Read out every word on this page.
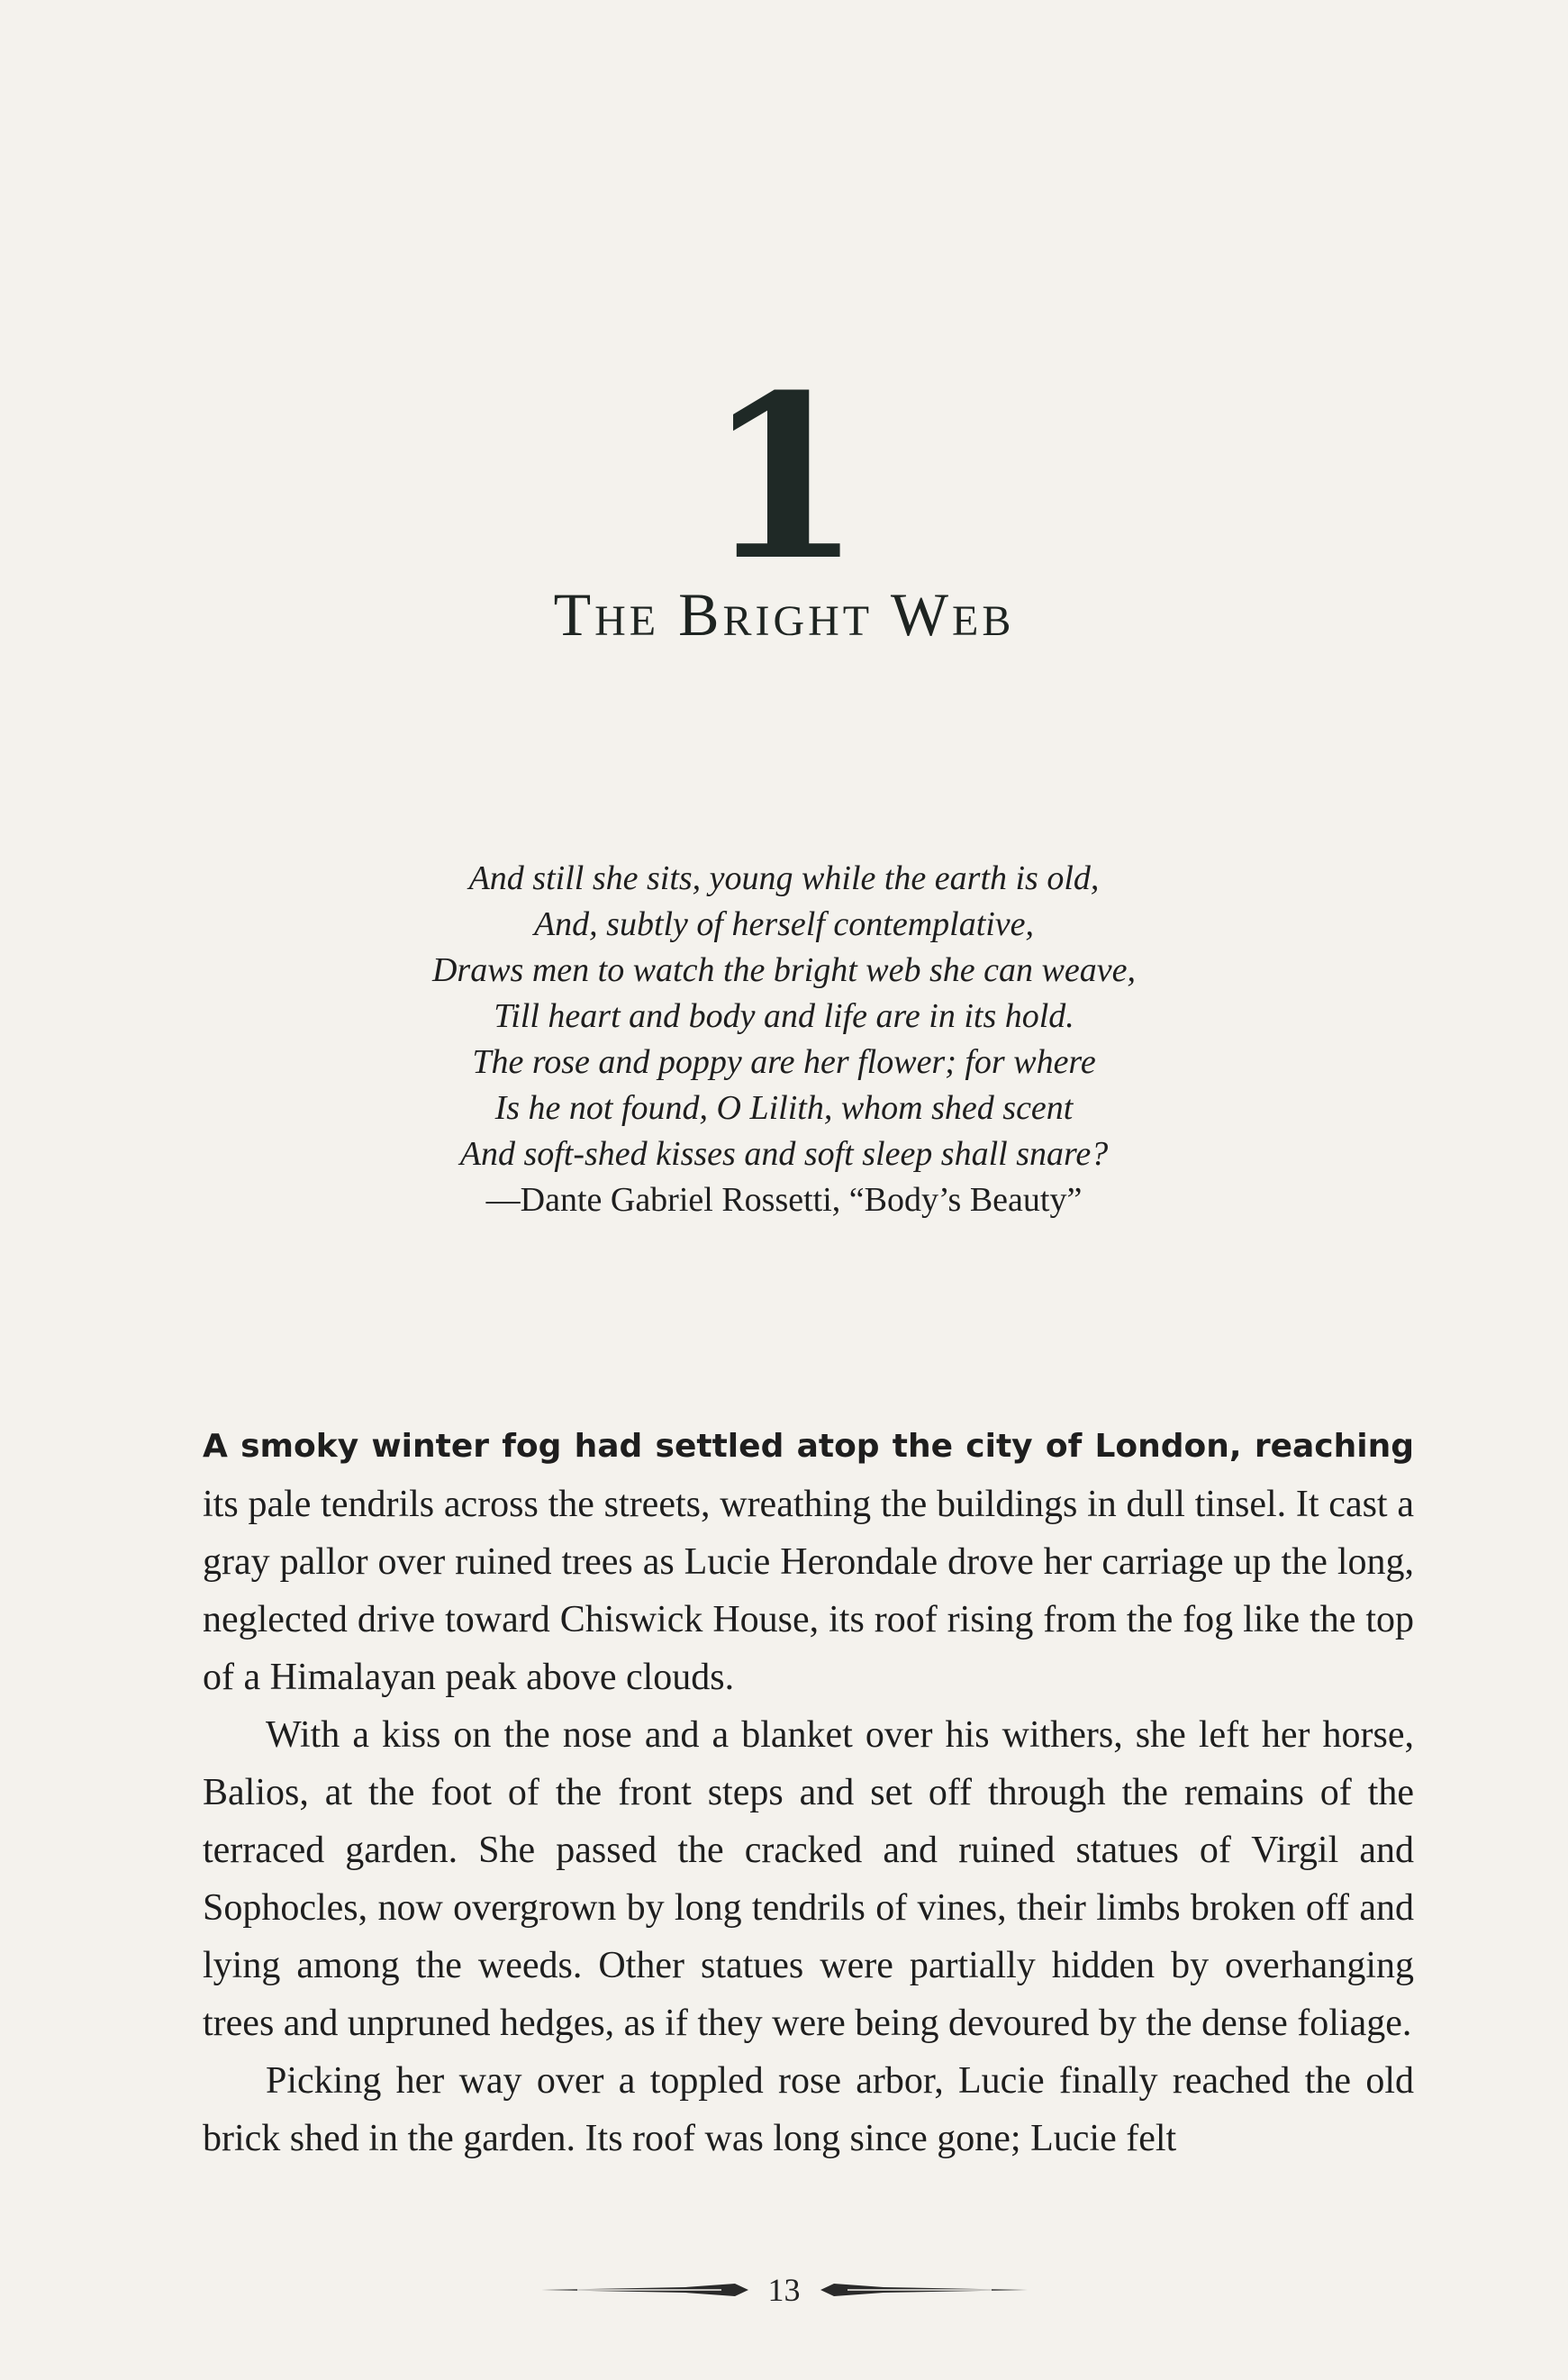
1
The Bright Web
And still she sits, young while the earth is old,
And, subtly of herself contemplative,
Draws men to watch the bright web she can weave,
Till heart and body and life are in its hold.
The rose and poppy are her flower; for where
Is he not found, O Lilith, whom shed scent
And soft-shed kisses and soft sleep shall snare?
—Dante Gabriel Rossetti, “Body’s Beauty”

A smoky winter fog had settled atop the city of London, reaching its pale tendrils across the streets, wreathing the buildings in dull tinsel. It cast a gray pallor over ruined trees as Lucie Herondale drove her carriage up the long, neglected drive toward Chiswick House, its roof rising from the fog like the top of a Himalayan peak above clouds.

With a kiss on the nose and a blanket over his withers, she left her horse, Balios, at the foot of the front steps and set off through the remains of the terraced garden. She passed the cracked and ruined statues of Virgil and Sophocles, now overgrown by long tendrils of vines, their limbs broken off and lying among the weeds. Other statues were partially hidden by overhanging trees and unpruned hedges, as if they were being devoured by the dense foliage.

Picking her way over a toppled rose arbor, Lucie finally reached the old brick shed in the garden. Its roof was long since gone; Lucie felt

13
